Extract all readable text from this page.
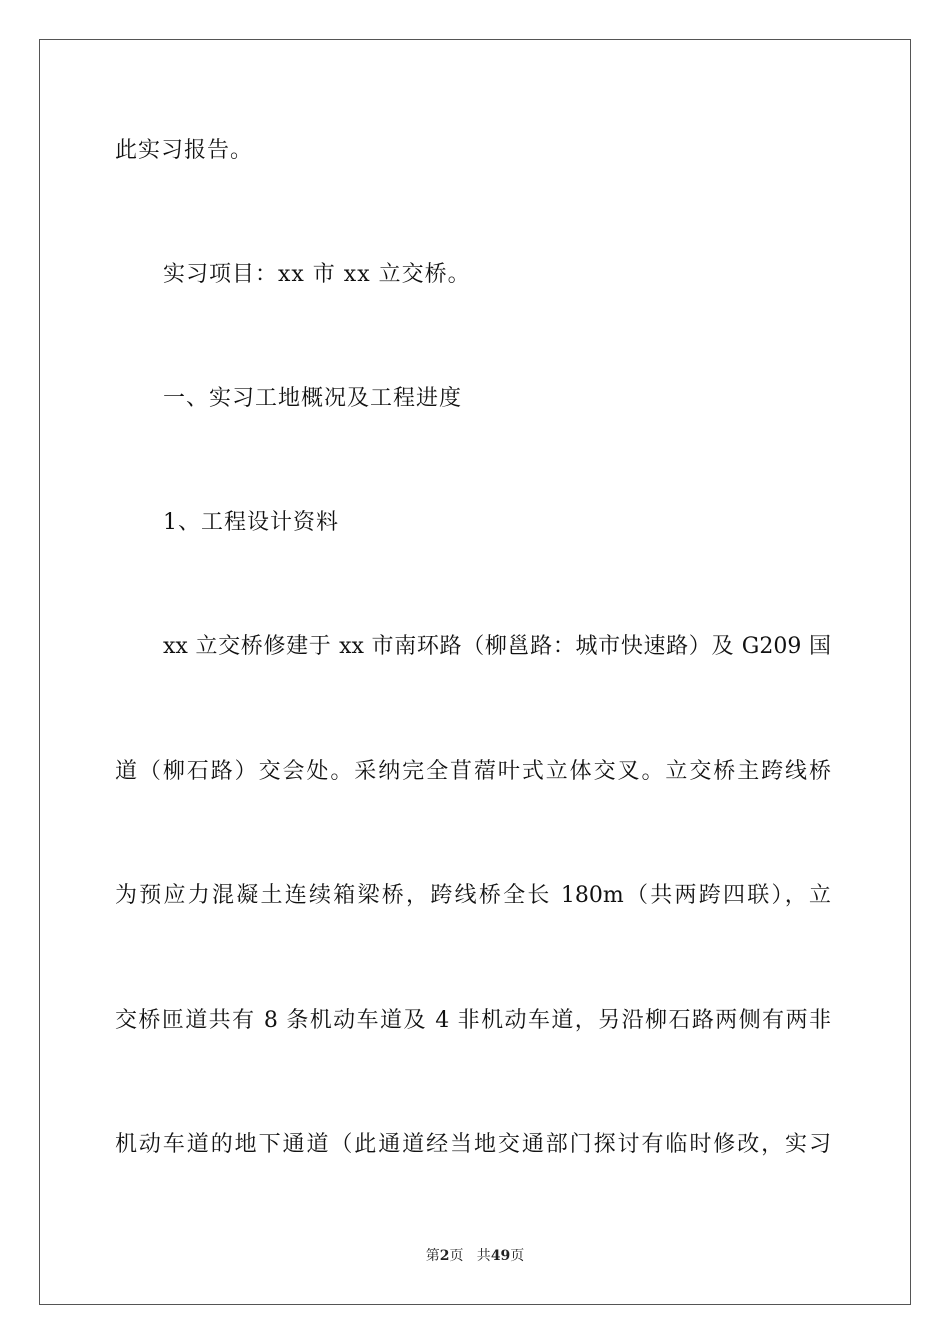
此实习报告。
实习项目：xx 市 xx 立交桥。
一、实习工地概况及工程进度
1、工程设计资料
xx 立交桥修建于 xx 市南环路（柳邕路：城市快速路）及 G209 国
道（柳石路）交会处。采纳完全苜蓿叶式立体交叉。立交桥主跨线桥
为预应力混凝土连续箱梁桥，跨线桥全长 180m（共两跨四联），立
交桥匝道共有 8 条机动车道及 4 非机动车道，另沿柳石路两侧有两非
机动车道的地下通道（此通道经当地交通部门探讨有临时修改，实习
第2页   共49页
